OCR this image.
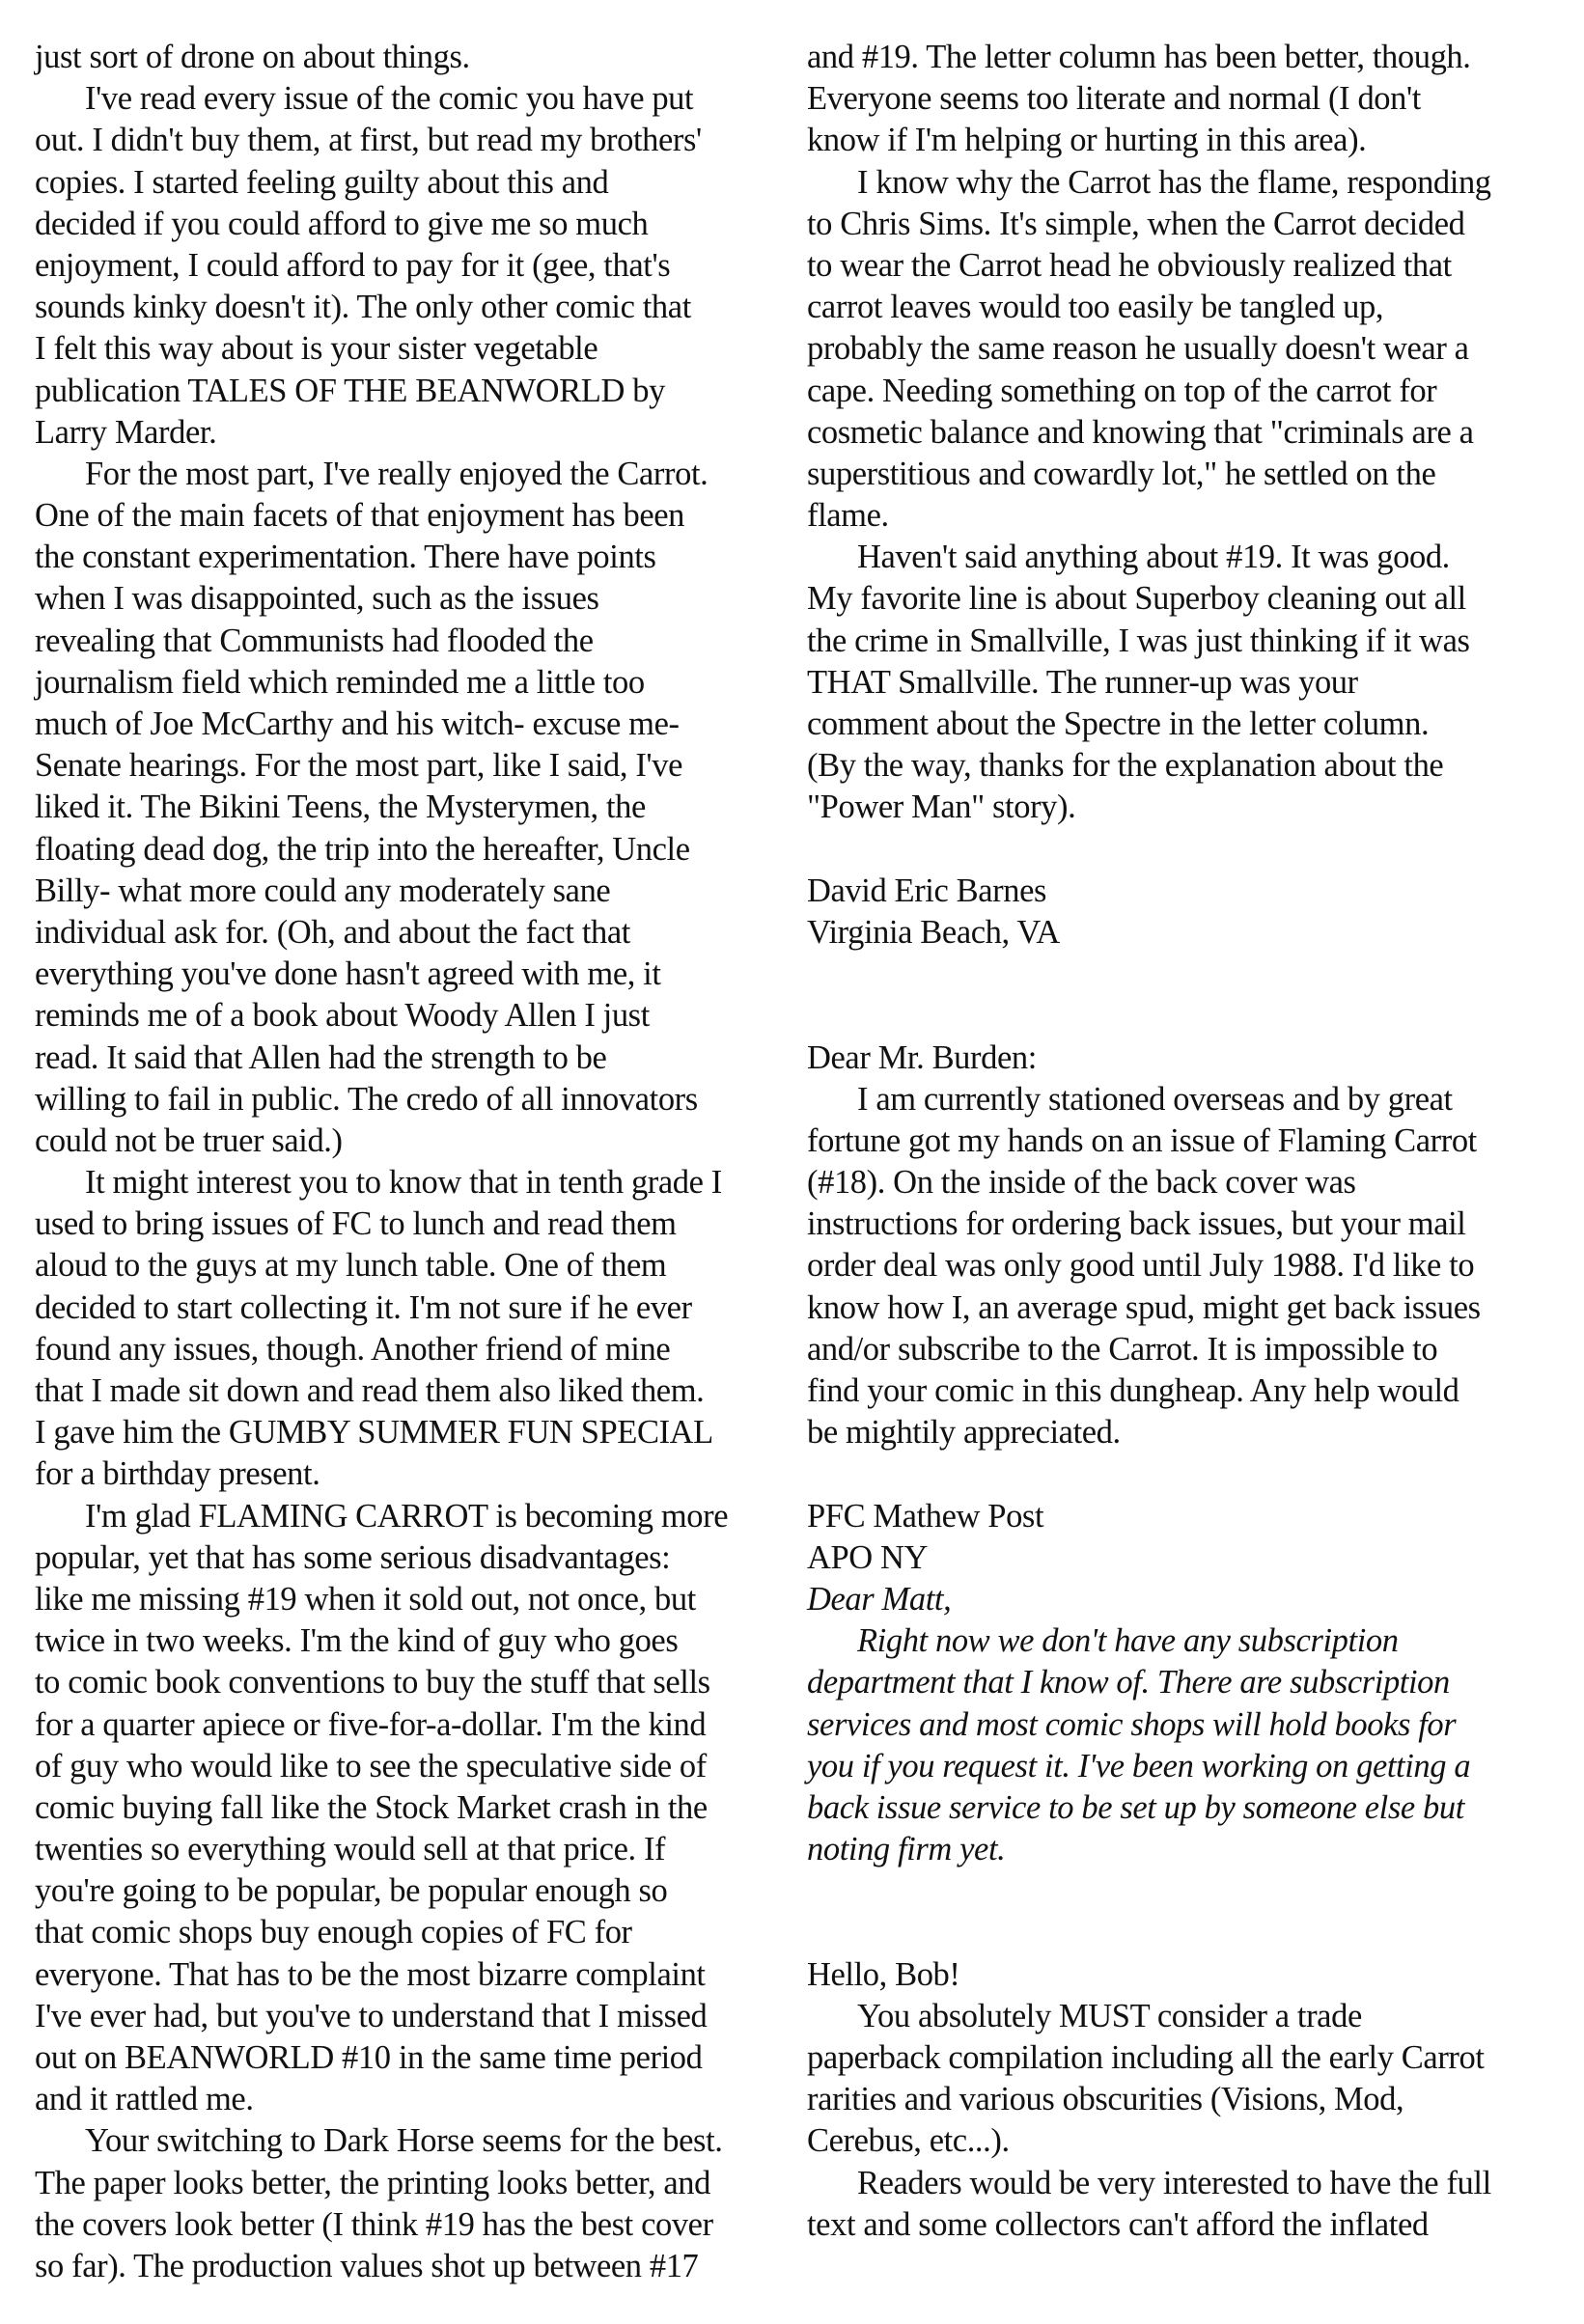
just sort of drone on about things.
I've read every issue of the comic you have put
out. I didn't buy them, at first, but read my brothers'
copies. I started feeling guilty about this and
decided if you could afford to give me so much
enjoyment, I could afford to pay for it (gee, that's
sounds kinky doesn't it). The only other comic that
I felt this way about is your sister vegetable
publication TALES OF THE BEANWORLD by
Larry Marder.
For the most part, I've really enjoyed the Carrot.
One of the main facets of that enjoyment has been
the constant experimentation. There have points
when I was disappointed, such as the issues
revealing that Communists had flooded the
journalism field which reminded me a little too
much of Joe McCarthy and his witch- excuse me-
Senate hearings. For the most part, like I said, I've
liked it. The Bikini Teens, the Mysterymen, the
floating dead dog, the trip into the hereafter, Uncle
Billy- what more could any moderately sane
individual ask for. (Oh, and about the fact that
everything you've done hasn't agreed with me, it
reminds me of a book about Woody Allen I just
read. It said that Allen had the strength to be
willing to fail in public. The credo of all innovators
could not be truer said.)
It might interest you to know that in tenth grade I
used to bring issues of FC to lunch and read them
aloud to the guys at my lunch table. One of them
decided to start collecting it. I'm not sure if he ever
found any issues, though. Another friend of mine
that I made sit down and read them also liked them.
I gave him the GUMBY SUMMER FUN SPECIAL
for a birthday present.
I'm glad FLAMING CARROT is becoming more
popular, yet that has some serious disadvantages:
like me missing #19 when it sold out, not once, but
twice in two weeks. I'm the kind of guy who goes
to comic book conventions to buy the stuff that sells
for a quarter apiece or five-for-a-dollar. I'm the kind
of guy who would like to see the speculative side of
comic buying fall like the Stock Market crash in the
twenties so everything would sell at that price. If
you're going to be popular, be popular enough so
that comic shops buy enough copies of FC for
everyone. That has to be the most bizarre complaint
I've ever had, but you've to understand that I missed
out on BEANWORLD #10 in the same time period
and it rattled me.
Your switching to Dark Horse seems for the best.
The paper looks better, the printing looks better, and
the covers look better (I think #19 has the best cover
so far). The production values shot up between #17
and #19. The letter column has been better, though.
Everyone seems too literate and normal (I don't
know if I'm helping or hurting in this area).
I know why the Carrot has the flame, responding
to Chris Sims. It's simple, when the Carrot decided
to wear the Carrot head he obviously realized that
carrot leaves would too easily be tangled up,
probably the same reason he usually doesn't wear a
cape. Needing something on top of the carrot for
cosmetic balance and knowing that "criminals are a
superstitious and cowardly lot," he settled on the
flame.
Haven't said anything about #19. It was good.
My favorite line is about Superboy cleaning out all
the crime in Smallville, I was just thinking if it was
THAT Smallville. The runner-up was your
comment about the Spectre in the letter column.
(By the way, thanks for the explanation about the
"Power Man" story).
David Eric Barnes
Virginia Beach, VA
Dear Mr. Burden:
I am currently stationed overseas and by great
fortune got my hands on an issue of Flaming Carrot
(#18). On the inside of the back cover was
instructions for ordering back issues, but your mail
order deal was only good until July 1988. I'd like to
know how I, an average spud, might get back issues
and/or subscribe to the Carrot. It is impossible to
find your comic in this dungheap. Any help would
be mightily appreciated.
PFC Mathew Post
APO NY
Dear Matt,
Right now we don't have any subscription
department that I know of. There are subscription
services and most comic shops will hold books for
you if you request it. I've been working on getting a
back issue service to be set up by someone else but
noting firm yet.
Hello, Bob!
You absolutely MUST consider a trade
paperback compilation including all the early Carrot
rarities and various obscurities (Visions, Mod,
Cerebus, etc...).
Readers would be very interested to have the full
text and some collectors can't afford the inflated
